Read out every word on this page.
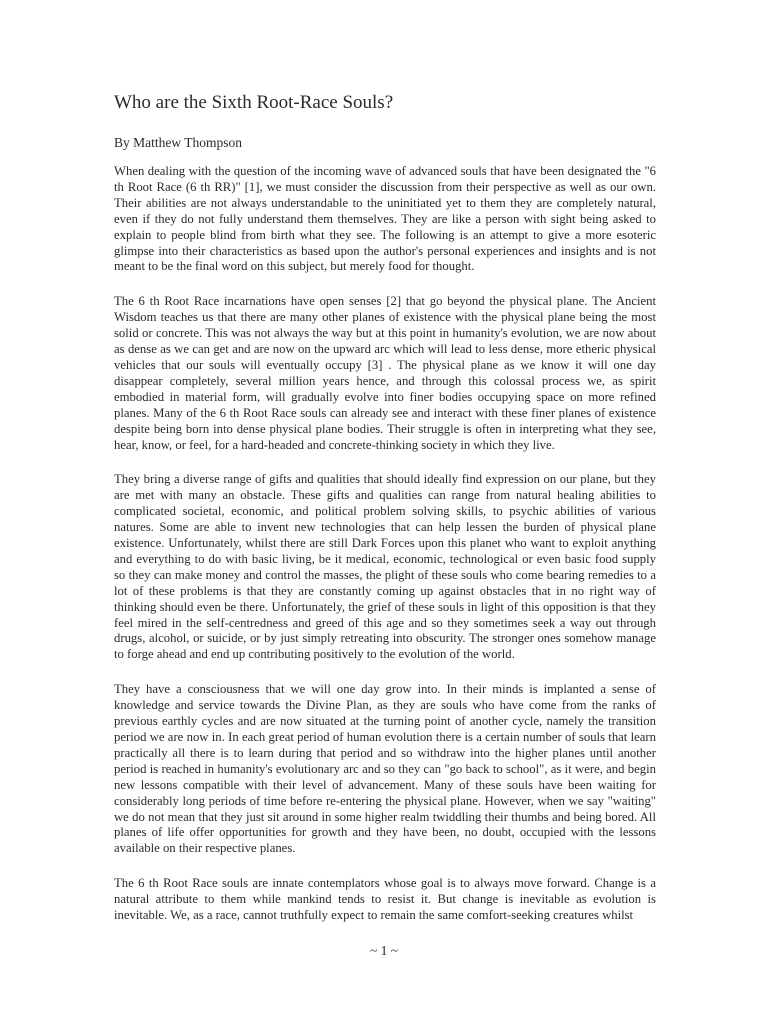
Who are the Sixth Root-Race Souls?

By Matthew Thompson

When dealing with the question of the incoming wave of advanced souls that have been designated the "6 th Root Race (6 th RR)" [1], we must consider the discussion from their perspective as well as our own. Their abilities are not always understandable to the uninitiated yet to them they are completely natural, even if they do not fully understand them themselves. They are like a person with sight being asked to explain to people blind from birth what they see. The following is an attempt to give a more esoteric glimpse into their characteristics as based upon the author's personal experiences and insights and is not meant to be the final word on this subject, but merely food for thought.

The 6 th Root Race incarnations have open senses [2] that go beyond the physical plane. The Ancient Wisdom teaches us that there are many other planes of existence with the physical plane being the most solid or concrete. This was not always the way but at this point in humanity's evolution, we are now about as dense as we can get and are now on the upward arc which will lead to less dense, more etheric physical vehicles that our souls will eventually occupy [3] . The physical plane as we know it will one day disappear completely, several million years hence, and through this colossal process we, as spirit embodied in material form, will gradually evolve into finer bodies occupying space on more refined planes. Many of the 6 th Root Race souls can already see and interact with these finer planes of existence despite being born into dense physical plane bodies. Their struggle is often in interpreting what they see, hear, know, or feel, for a hard-headed and concrete-thinking society in which they live.

They bring a diverse range of gifts and qualities that should ideally find expression on our plane, but they are met with many an obstacle. These gifts and qualities can range from natural healing abilities to complicated societal, economic, and political problem solving skills, to psychic abilities of various natures. Some are able to invent new technologies that can help lessen the burden of physical plane existence. Unfortunately, whilst there are still Dark Forces upon this planet who want to exploit anything and everything to do with basic living, be it medical, economic, technological or even basic food supply so they can make money and control the masses, the plight of these souls who come bearing remedies to a lot of these problems is that they are constantly coming up against obstacles that in no right way of thinking should even be there. Unfortunately, the grief of these souls in light of this opposition is that they feel mired in the self-centredness and greed of this age and so they sometimes seek a way out through drugs, alcohol, or suicide, or by just simply retreating into obscurity. The stronger ones somehow manage to forge ahead and end up contributing positively to the evolution of the world.

They have a consciousness that we will one day grow into. In their minds is implanted a sense of knowledge and service towards the Divine Plan, as they are souls who have come from the ranks of previous earthly cycles and are now situated at the turning point of another cycle, namely the transition period we are now in. In each great period of human evolution there is a certain number of souls that learn practically all there is to learn during that period and so withdraw into the higher planes until another period is reached in humanity's evolutionary arc and so they can "go back to school", as it were, and begin new lessons compatible with their level of advancement. Many of these souls have been waiting for considerably long periods of time before re-entering the physical plane. However, when we say "waiting" we do not mean that they just sit around in some higher realm twiddling their thumbs and being bored. All planes of life offer opportunities for growth and they have been, no doubt, occupied with the lessons available on their respective planes.

The 6 th Root Race souls are innate contemplators whose goal is to always move forward. Change is a natural attribute to them while mankind tends to resist it. But change is inevitable as evolution is inevitable. We, as a race, cannot truthfully expect to remain the same comfort-seeking creatures whilst

~ 1 ~
